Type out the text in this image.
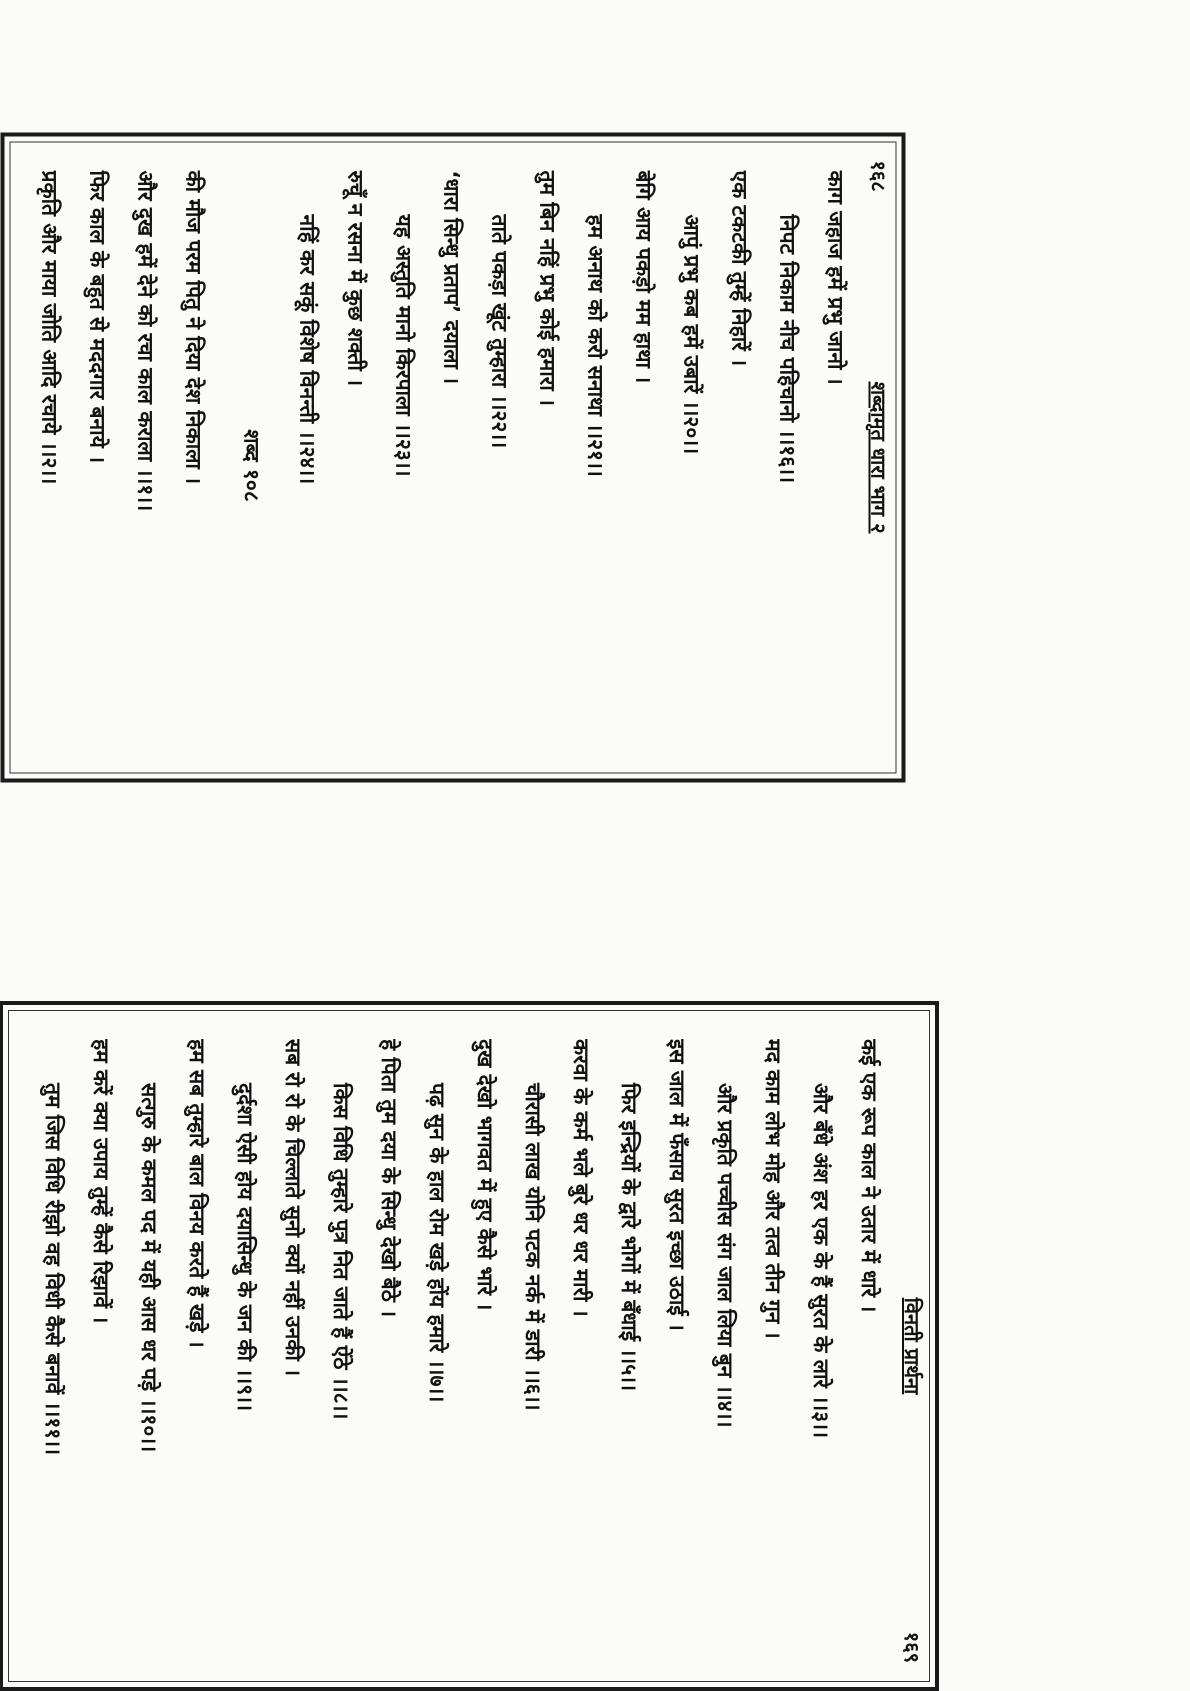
१६८
शब्दामृत धारा भाग २
काग जहाज हमें प्रभु जानो ।
निपट निकाम नीच पहिचानो ।।१६।।
एक टकटकी तुम्हें निहारें ।
आपुं प्रभु कब हमें उबारें ।।२०।।
बेगि आय पकड़ो मम हाथा ।
हम अनाथ को करो सनाथा ।।२१।।
तुम बिन नहिं प्रभु कोई हमारा ।
ताते पकड़ा खूंट तुम्हारा ।।२२।।
‘धारा सिन्धु प्रताप’ दयाला ।
यह अस्तुति मानो किरपाला ।।२३।।
रुचूँ न रसना में कुछ शक्ती ।
नहिं कर सकूं विशेष विनन्ती ।।२४।।
शब्द १०८
की मौज परम पितु ने दिया देश निकाला ।
और दुख हमें देने को रचा काल कराला ।।१।।
फिर काल के बहुत से मददगार बनाये ।
प्रकृति और माया जोति आदि रचाये ।।२।।
विनती प्रार्थना
१६९
कई एक रूप काल ने उतार में धारे ।
और बँधे अंश हर एक के हैं सुरत के लारे ।।३।।
मद काम लोभ मोह और तत्व तीन गुन ।
और प्रकृति पच्चीस संग जाल लिया बुन ।।४।।
इस जाल में फँसाय सुरत इच्छा उठाई ।
फिर इन्द्रियों के द्वारे भोगों में बँधाई ।।५।।
करवा के कर्म भले बुरे धर धर मारी ।
चौरासी लाख योनि पटक नर्क में डारी ।।६।।
दुख देखो भागवत में हुए कैसे भारे ।
पढ़ सुन के हाल रोम खड़े होंय हमारे ।।७।।
हे पिता तुम दया के सिन्धु देखो बैठे ।
किस विधि तुम्हारे पुत्र नित जाते हैं ऐंठे ।।८।।
सब रो रो के चिल्लाते सुनो क्यों नहीं उनकी ।
दुर्दशा ऐसी होय दयासिन्धु के जन की ।।९।।
हम सब तुम्हारे बाल विनय करते हैं खड़े ।
सत्गुरु के कमल पद में यही आस धर पड़े ।।१०।।
हम करें क्या उपाय तुम्हें कैसे रिझावें ।
तुम जिस विधि रीझो वह विधी कैसे बनावें ।।११।।
